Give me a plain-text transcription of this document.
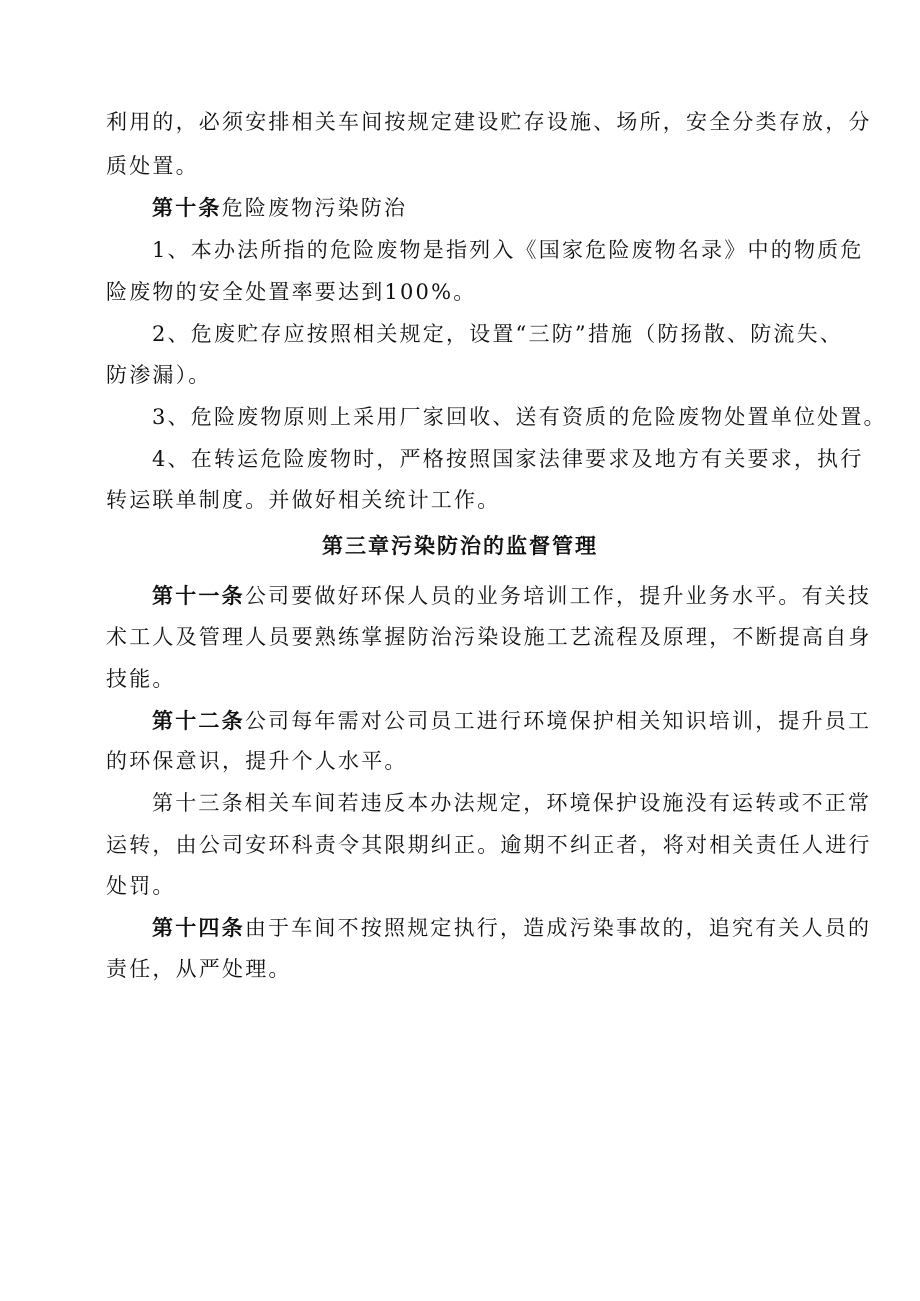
利用的，必须安排相关车间按规定建设贮存设施、场所，安全分类存放，分
质处置。
第十条危险废物污染防治
1、本办法所指的危险废物是指列入《国家危险废物名录》中的物质危
险废物的安全处置率要达到100%。
2、危废贮存应按照相关规定，设置“三防”措施（防扬散、防流失、
防渗漏）。
3、危险废物原则上采用厂家回收、送有资质的危险废物处置单位处置。
4、在转运危险废物时，严格按照国家法律要求及地方有关要求，执行
转运联单制度。并做好相关统计工作。
第三章污染防治的监督管理
第十一条公司要做好环保人员的业务培训工作，提升业务水平。有关技
术工人及管理人员要熟练掌握防治污染设施工艺流程及原理，不断提高自身
技能。
第十二条公司每年需对公司员工进行环境保护相关知识培训，提升员工
的环保意识，提升个人水平。
第十三条相关车间若违反本办法规定，环境保护设施没有运转或不正常
运转，由公司安环科责令其限期纠正。逾期不纠正者，将对相关责任人进行
处罚。
第十四条由于车间不按照规定执行，造成污染事故的，追究有关人员的
责任，从严处理。
